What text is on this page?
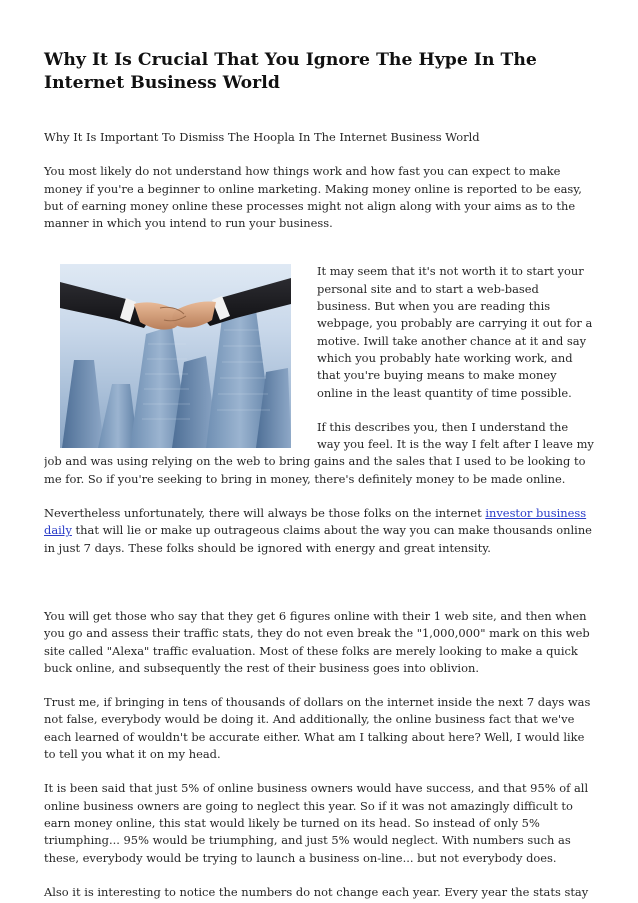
Why It Is Crucial That You Ignore The Hype In The Internet Business World

Why It Is Important To Dismiss The Hoopla In The Internet Business World

You most likely do not understand how things work and how fast you can expect to make money if you're a beginner to online marketing. Making money online is reported to be easy, but of earning money online these processes might not align along with your aims as to the manner in which you intend to run your business.

It may seem that it's not worth it to start your personal site and to start a web-based business. But when you are reading this webpage, you probably are carrying it out for a motive. Iwill take another chance at it and say which you probably hate working work, and that you're buying means to make money online in the least quantity of time possible.

If this describes you, then I understand the way you feel. It is the way I felt after I leave my job and was using relying on the web to bring gains and the sales that I used to be looking to me for. So if you're seeking to bring in money, there's definitely money to be made online.

Nevertheless unfortunately, there will always be those folks on the internet investor business daily that will lie or make up outrageous claims about the way you can make thousands online in just 7 days. These folks should be ignored with energy and great intensity.

You will get those who say that they get 6 figures online with their 1 web site, and then when you go and assess their traffic stats, they do not even break the "1,000,000" mark on this web site called "Alexa" traffic evaluation. Most of these folks are merely looking to make a quick buck online, and subsequently the rest of their business goes into oblivion.

Trust me, if bringing in tens of thousands of dollars on the internet inside the next 7 days was not false, everybody would be doing it. And additionally, the online business fact that we've each learned of wouldn't be accurate either. What am I talking about here? Well, I would like to tell you what it on my head.

It is been said that just 5% of online business owners would have success, and that 95% of all online business owners are going to neglect this year. So if it was not amazingly difficult to earn money online, this stat would likely be turned on its head. So instead of only 5% triumphing... 95% would be triumphing, and just 5% would neglect. With numbers such as these, everybody would be trying to launch a business on-line... but not everybody does.

Also it is interesting to notice the numbers do not change each year. Every year the stats stay
